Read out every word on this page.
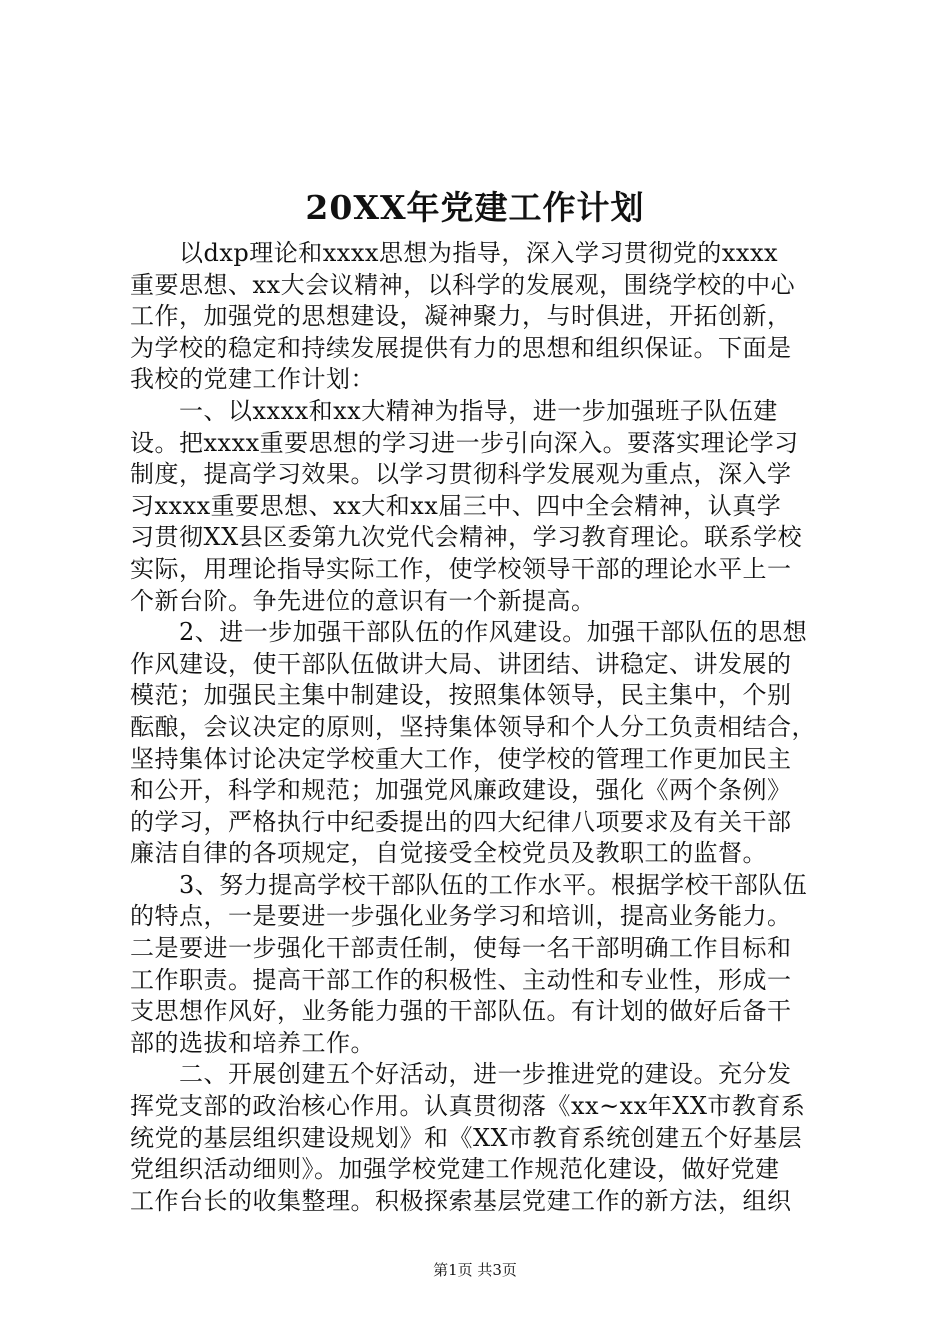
20XX年党建工作计划
　　以dxp理论和xxxx思想为指导，深入学习贯彻党的xxxx
重要思想、xx大会议精神，以科学的发展观，围绕学校的中心
工作，加强党的思想建设，凝神聚力，与时俱进，开拓创新，
为学校的稳定和持续发展提供有力的思想和组织保证。下面是
我校的党建工作计划：
　　一、以xxxx和xx大精神为指导，进一步加强班子队伍建
设。把xxxx重要思想的学习进一步引向深入。要落实理论学习
制度，提高学习效果。以学习贯彻科学发展观为重点，深入学
习xxxx重要思想、xx大和xx届三中、四中全会精神，认真学
习贯彻XX县区委第九次党代会精神，学习教育理论。联系学校
实际，用理论指导实际工作，使学校领导干部的理论水平上一
个新台阶。争先进位的意识有一个新提高。
　　2、进一步加强干部队伍的作风建设。加强干部队伍的思想
作风建设，使干部队伍做讲大局、讲团结、讲稳定、讲发展的
模范；加强民主集中制建设，按照集体领导，民主集中，个别
酝酿，会议决定的原则，坚持集体领导和个人分工负责相结合，
坚持集体讨论决定学校重大工作，使学校的管理工作更加民主
和公开，科学和规范；加强党风廉政建设，强化《两个条例》
的学习，严格执行中纪委提出的四大纪律八项要求及有关干部
廉洁自律的各项规定，自觉接受全校党员及教职工的监督。
　　3、努力提高学校干部队伍的工作水平。根据学校干部队伍
的特点，一是要进一步强化业务学习和培训，提高业务能力。
二是要进一步强化干部责任制，使每一名干部明确工作目标和
工作职责。提高干部工作的积极性、主动性和专业性，形成一
支思想作风好，业务能力强的干部队伍。有计划的做好后备干
部的选拔和培养工作。
　　二、开展创建五个好活动，进一步推进党的建设。充分发
挥党支部的政治核心作用。认真贯彻落《xx~xx年XX市教育系
统党的基层组织建设规划》和《XX市教育系统创建五个好基层
党组织活动细则》。加强学校党建工作规范化建设，做好党建
工作台长的收集整理。积极探索基层党建工作的新方法，组织
第1页 共3页
